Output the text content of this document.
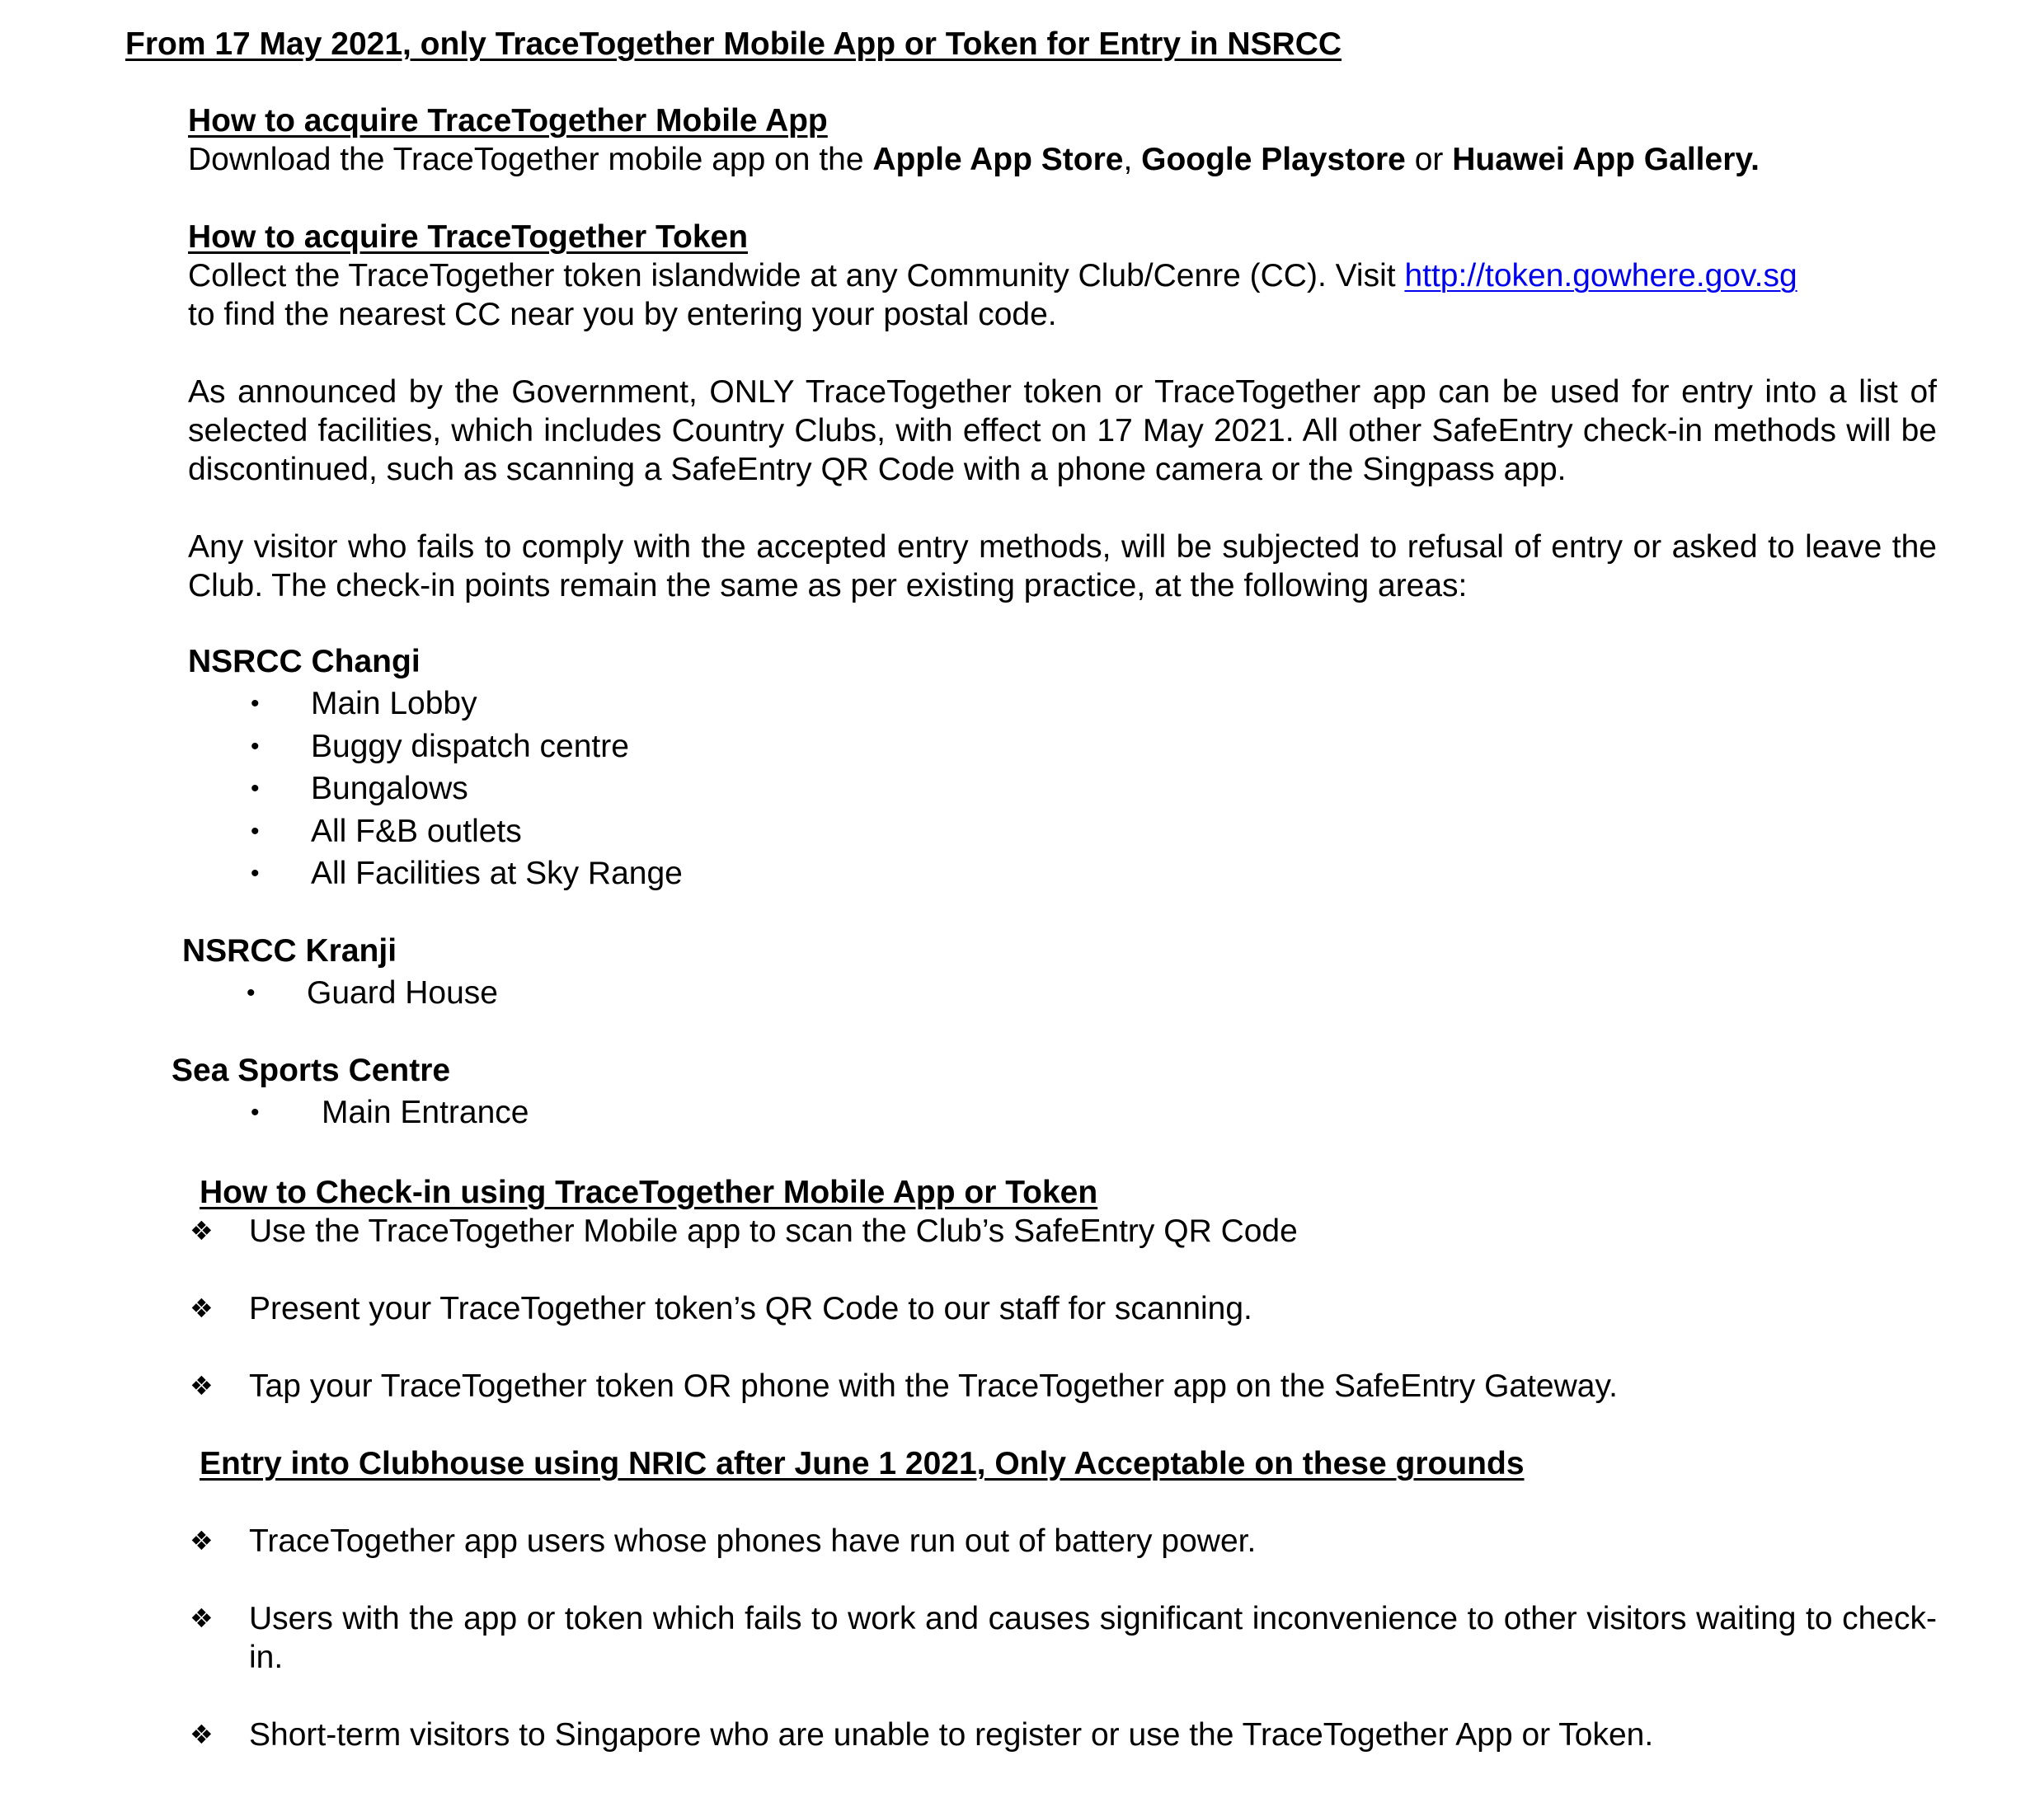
From 17 May 2021, only TraceTogether Mobile App or Token for Entry in NSRCC
How to acquire TraceTogether Mobile App
Download the TraceTogether mobile app on the Apple App Store, Google Playstore or Huawei App Gallery.
How to acquire TraceTogether Token
Collect the TraceTogether token islandwide at any Community Club/Cenre (CC). Visit http://token.gowhere.gov.sg
to find the nearest CC near you by entering your postal code.
As announced by the Government, ONLY TraceTogether token or TraceTogether app can be used for entry into a list of selected facilities, which includes Country Clubs, with effect on 17 May 2021. All other SafeEntry check-in methods will be discontinued, such as scanning a SafeEntry QR Code with a phone camera or the Singpass app.
Any visitor who fails to comply with the accepted entry methods, will be subjected to refusal of entry or asked to leave the Club. The check-in points remain the same as per existing practice, at the following areas:
NSRCC Changi
• Main Lobby
• Buggy dispatch centre
• Bungalows
• All F&B outlets
• All Facilities at Sky Range
NSRCC Kranji
• Guard House
Sea Sports Centre
• Main Entrance
How to Check-in using TraceTogether Mobile App or Token
❖ Use the TraceTogether Mobile app to scan the Club’s SafeEntry QR Code
❖ Present your TraceTogether token’s QR Code to our staff for scanning.
❖ Tap your TraceTogether token OR phone with the TraceTogether app on the SafeEntry Gateway.
Entry into Clubhouse using NRIC after June 1 2021, Only Acceptable on these grounds
❖ TraceTogether app users whose phones have run out of battery power.
❖ Users with the app or token which fails to work and causes significant inconvenience to other visitors waiting to check-in.
❖ Short-term visitors to Singapore who are unable to register or use the TraceTogether App or Token.
